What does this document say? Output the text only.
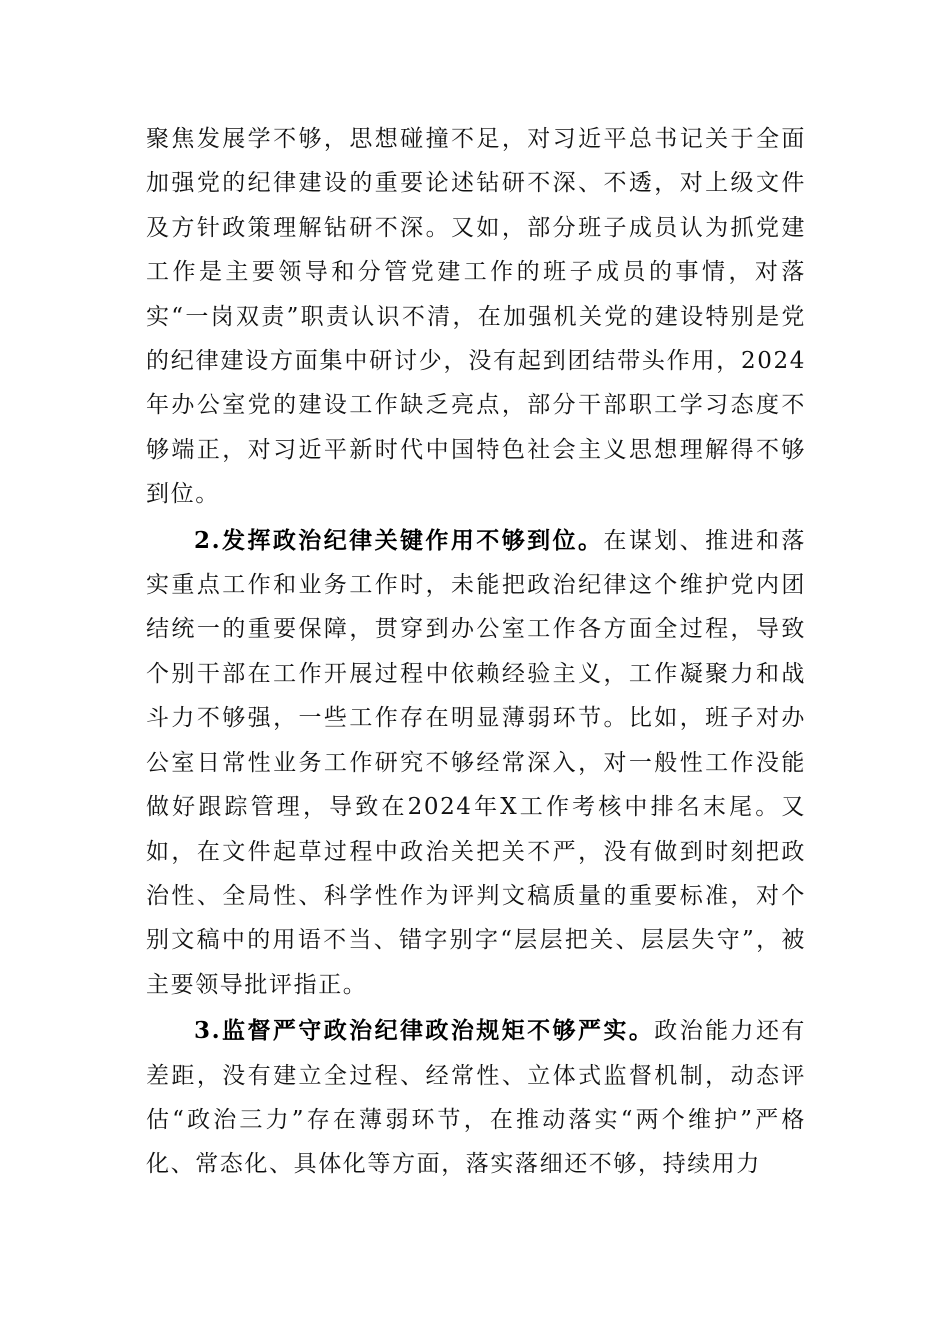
聚焦发展学不够，思想碰撞不足，对习近平总书记关于全面加强党的纪律建设的重要论述钻研不深、不透，对上级文件及方针政策理解钻研不深。又如，部分班子成员认为抓党建工作是主要领导和分管党建工作的班子成员的事情，对落实“一岗双责”职责认识不清，在加强机关党的建设特别是党的纪律建设方面集中研讨少，没有起到团结带头作用，2024年办公室党的建设工作缺乏亮点，部分干部职工学习态度不够端正，对习近平新时代中国特色社会主义思想理解得不够到位。

2.发挥政治纪律关键作用不够到位。在谋划、推进和落实重点工作和业务工作时，未能把政治纪律这个维护党内团结统一的重要保障，贯穿到办公室工作各方面全过程，导致个别干部在工作开展过程中依赖经验主义，工作凝聚力和战斗力不够强，一些工作存在明显薄弱环节。比如，班子对办公室日常性业务工作研究不够经常深入，对一般性工作没能做好跟踪管理，导致在2024年X工作考核中排名末尾。又如，在文件起草过程中政治关把关不严，没有做到时刻把政治性、全局性、科学性作为评判文稿质量的重要标准，对个别文稿中的用语不当、错字别字“层层把关、层层失守”，被主要领导批评指正。

3.监督严守政治纪律政治规矩不够严实。政治能力还有差距，没有建立全过程、经常性、立体式监督机制，动态评估“政治三力”存在薄弱环节，在推动落实“两个维护”严格化、常态化、具体化等方面，落实落细还不够，持续用力
